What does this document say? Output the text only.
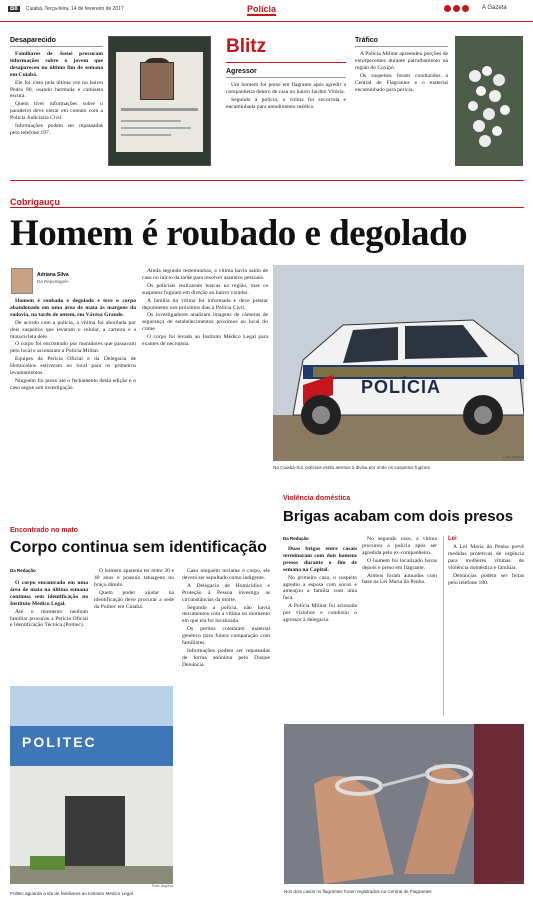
B8	Cuiabá, Terça-feira, 14 de fevereiro de 2017	Polícia	A Gazeta
Desaparecido

Familiares de Josué procuram informações sobre o jovem que desapareceu no último fim de semana em Cuiabá.

Ele foi visto pela última vez no bairro Pedra 90, usando bermuda e camiseta escura.

Quem tiver informações sobre o paradeiro deve entrar em contato com a Polícia Judiciária Civil.

Informações podem ser repassadas pelo telefone 197.

Blitz
Agressor

Um homem foi preso em flagrante após agredir a companheira dentro de casa no bairro Jardim Vitória.

Segundo a polícia, a vítima foi socorrida e encaminhada para atendimento médico.

Tráfico

A Polícia Militar apreendeu porções de entorpecentes durante patrulhamento na região do Coxipó.

Os suspeitos foram conduzidos à Central de Flagrantes e o material encaminhado para perícia.

Cobrigauçu
Homem é roubado e degolado
Adriana Silva
Da Reportagem

Homem é roubado e degolado e teve o corpo abandonado em uma área de mata às margens da rodovia, na tarde de ontem, em Várzea Grande.

De acordo com a polícia, a vítima foi abordada por dois suspeitos que levaram o celular, a carteira e a motocicleta dele.

O corpo foi encontrado por moradores que passavam pelo local e acionaram a Polícia Militar.

Equipes da Perícia Oficial e da Delegacia de Homicídios estiveram no local para os primeiros levantamentos.

Ninguém foi preso até o fechamento desta edição e o caso segue sob investigação.

Ainda segundo testemunhas, a vítima havia saído de casa no início da tarde para resolver assuntos pessoais.

Os policiais realizaram buscas na região, mas os suspeitos fugiram em direção ao bairro vizinho.

A família da vítima foi informada e deve prestar depoimento nos próximos dias à Polícia Civil.

Os investigadores analisam imagens de câmeras de segurança de estabelecimentos próximos ao local do crime.

O corpo foi levado ao Instituto Médico Legal para exames de necropsia.

POLÍCIA
Foto: Arquivo
Na Cuiabá-Sul, policiais estão atentos à divisa por onde os suspeitos fugiram
Violência doméstica
Brigas acabam com dois presos
Da Redação

Duas brigas entre casais terminaram com dois homens presos durante o fim de semana na Capital.

No primeiro caso, o suspeito agrediu a esposa com socos e ameaçou a família com uma faca.

A Polícia Militar foi acionada por vizinhos e conduziu o agressor à delegacia.

No segundo caso, a vítima procurou a polícia após ser agredida pelo ex-companheiro.

O homem foi localizado horas depois e preso em flagrante.

Ambos foram autuados com base na Lei Maria da Penha.

Lei

A Lei Maria da Penha prevê medidas protetivas de urgência para mulheres vítimas de violência doméstica e familiar.

Denúncias podem ser feitas pelo telefone 180.

Foto: Arquivo
Nos dois casos os flagrantes foram registrados na Central de Flagrantes
Encontrado no mato
Corpo continua sem identificação
Da Redação

O corpo encontrado em uma área de mata na última semana continua sem identificação no Instituto Médico Legal.

Até o momento nenhum familiar procurou a Perícia Oficial e Identificação Técnica (Politec).

O homem aparenta ter entre 30 e 40 anos e possuía tatuagens no braço direito.

Quem puder ajudar na identificação deve procurar a sede da Politec em Cuiabá.

Caso ninguém reclame o corpo, ele deverá ser sepultado como indigente.

A Delegacia de Homicídios e Proteção à Pessoa investiga as circunstâncias da morte.

Segundo a polícia, não havia documentos com a vítima no momento em que ela foi localizada.

Os peritos coletaram material genético para futura comparação com familiares.

Informações podem ser repassadas de forma anônima pelo Disque Denúncia.

POLITEC
Foto: Arquivo
Politec aguarda a ida de familiares ao Instituto Médico Legal
